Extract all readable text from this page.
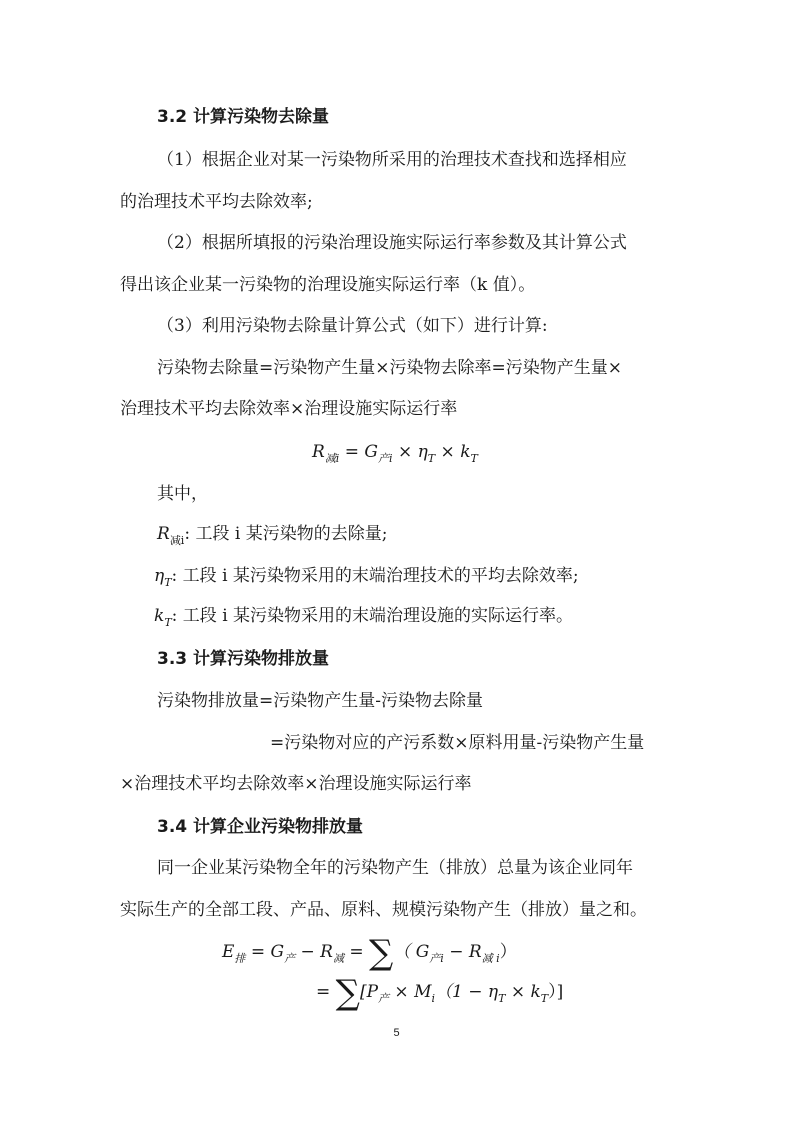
3.2 计算污染物去除量
（1）根据企业对某一污染物所采用的治理技术查找和选择相应
的治理技术平均去除效率;
（2）根据所填报的污染治理设施实际运行率参数及其计算公式
得出该企业某一污染物的治理设施实际运行率（k 值）。
（3）利用污染物去除量计算公式（如下）进行计算:
污染物去除量=污染物产生量×污染物去除率=污染物产生量×
治理技术平均去除效率×治理设施实际运行率
$R_{减i} = G_{产i} \times \eta_T \times k_T$
其中，
$R_{减i}$: 工段 i 某污染物的去除量;
$\eta_T$: 工段 i 某污染物采用的末端治理技术的平均去除效率;
$k_T$: 工段 i 某污染物采用的末端治理设施的实际运行率。
3.3 计算污染物排放量
污染物排放量=污染物产生量-污染物去除量
=污染物对应的产污系数×原料用量-污染物产生量
×治理技术平均去除效率×治理设施实际运行率
3.4 计算企业污染物排放量
同一企业某污染物全年的污染物产生（排放）总量为该企业同年
实际生产的全部工段、产品、原料、规模污染物产生（排放）量之和。
$E_排 = G_产 - R_减$ = ∑（ $G_{产i} - R_{减 i}$）
= $\sum[P_产 \times M_i(1 - \eta_T \times k_T)]$
5
